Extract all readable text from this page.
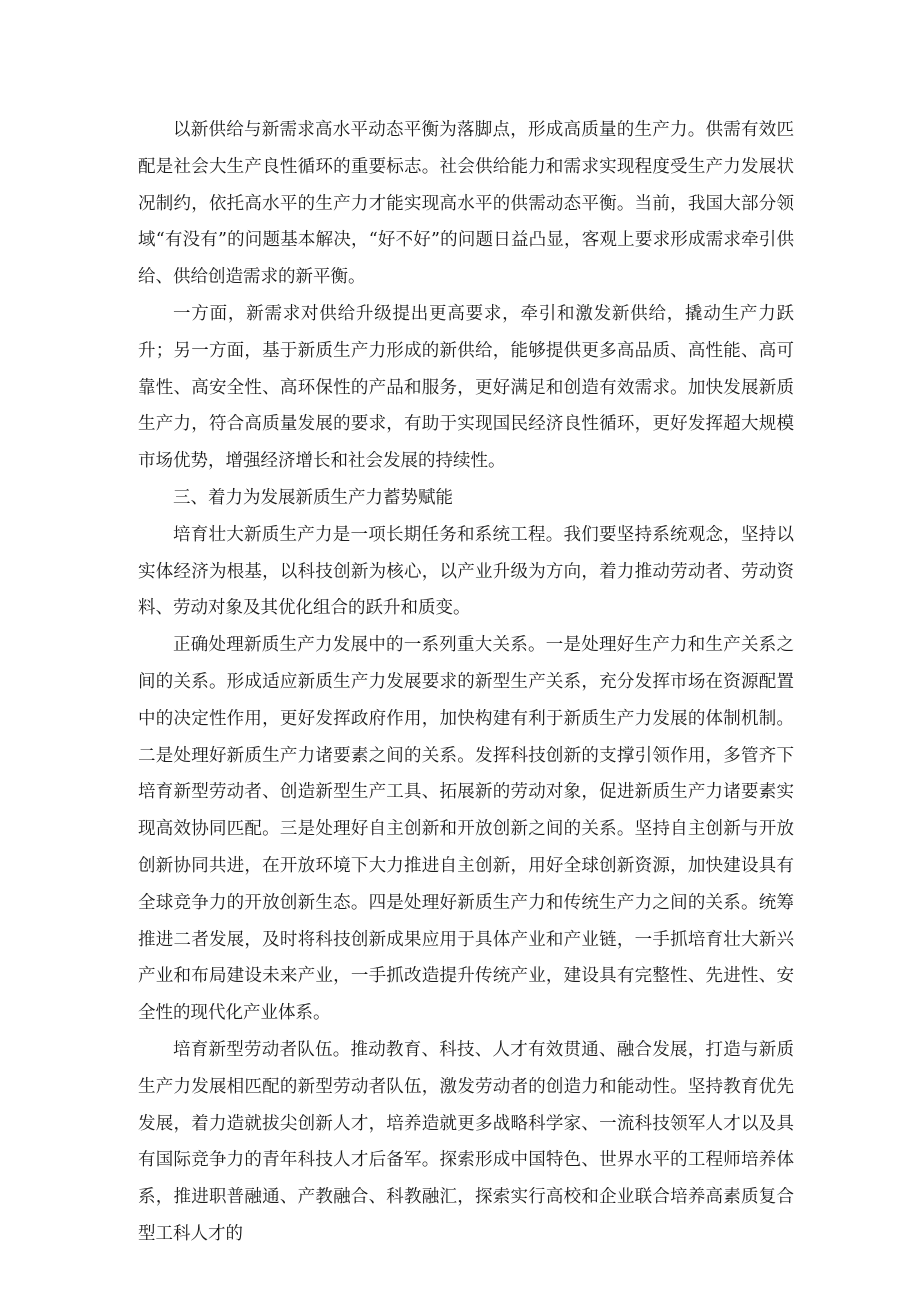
以新供给与新需求高水平动态平衡为落脚点，形成高质量的生产力。供需有效匹配是社会大生产良性循环的重要标志。社会供给能力和需求实现程度受生产力发展状况制约，依托高水平的生产力才能实现高水平的供需动态平衡。当前，我国大部分领域“有没有”的问题基本解决，“好不好”的问题日益凸显，客观上要求形成需求牵引供给、供给创造需求的新平衡。

一方面，新需求对供给升级提出更高要求，牵引和激发新供给，撬动生产力跃升；另一方面，基于新质生产力形成的新供给，能够提供更多高品质、高性能、高可靠性、高安全性、高环保性的产品和服务，更好满足和创造有效需求。加快发展新质生产力，符合高质量发展的要求，有助于实现国民经济良性循环，更好发挥超大规模市场优势，增强经济增长和社会发展的持续性。

三、着力为发展新质生产力蓄势赋能

培育壮大新质生产力是一项长期任务和系统工程。我们要坚持系统观念，坚持以实体经济为根基，以科技创新为核心，以产业升级为方向，着力推动劳动者、劳动资料、劳动对象及其优化组合的跃升和质变。

正确处理新质生产力发展中的一系列重大关系。一是处理好生产力和生产关系之间的关系。形成适应新质生产力发展要求的新型生产关系，充分发挥市场在资源配置中的决定性作用，更好发挥政府作用，加快构建有利于新质生产力发展的体制机制。二是处理好新质生产力诸要素之间的关系。发挥科技创新的支撑引领作用，多管齐下培育新型劳动者、创造新型生产工具、拓展新的劳动对象，促进新质生产力诸要素实现高效协同匹配。三是处理好自主创新和开放创新之间的关系。坚持自主创新与开放创新协同共进，在开放环境下大力推进自主创新，用好全球创新资源，加快建设具有全球竞争力的开放创新生态。四是处理好新质生产力和传统生产力之间的关系。统筹推进二者发展，及时将科技创新成果应用于具体产业和产业链，一手抓培育壮大新兴产业和布局建设未来产业，一手抓改造提升传统产业，建设具有完整性、先进性、安全性的现代化产业体系。

培育新型劳动者队伍。推动教育、科技、人才有效贯通、融合发展，打造与新质生产力发展相匹配的新型劳动者队伍，激发劳动者的创造力和能动性。坚持教育优先发展，着力造就拔尖创新人才，培养造就更多战略科学家、一流科技领军人才以及具有国际竞争力的青年科技人才后备军。探索形成中国特色、世界水平的工程师培养体系，推进职普融通、产教融合、科教融汇，探索实行高校和企业联合培养高素质复合型工科人才的
